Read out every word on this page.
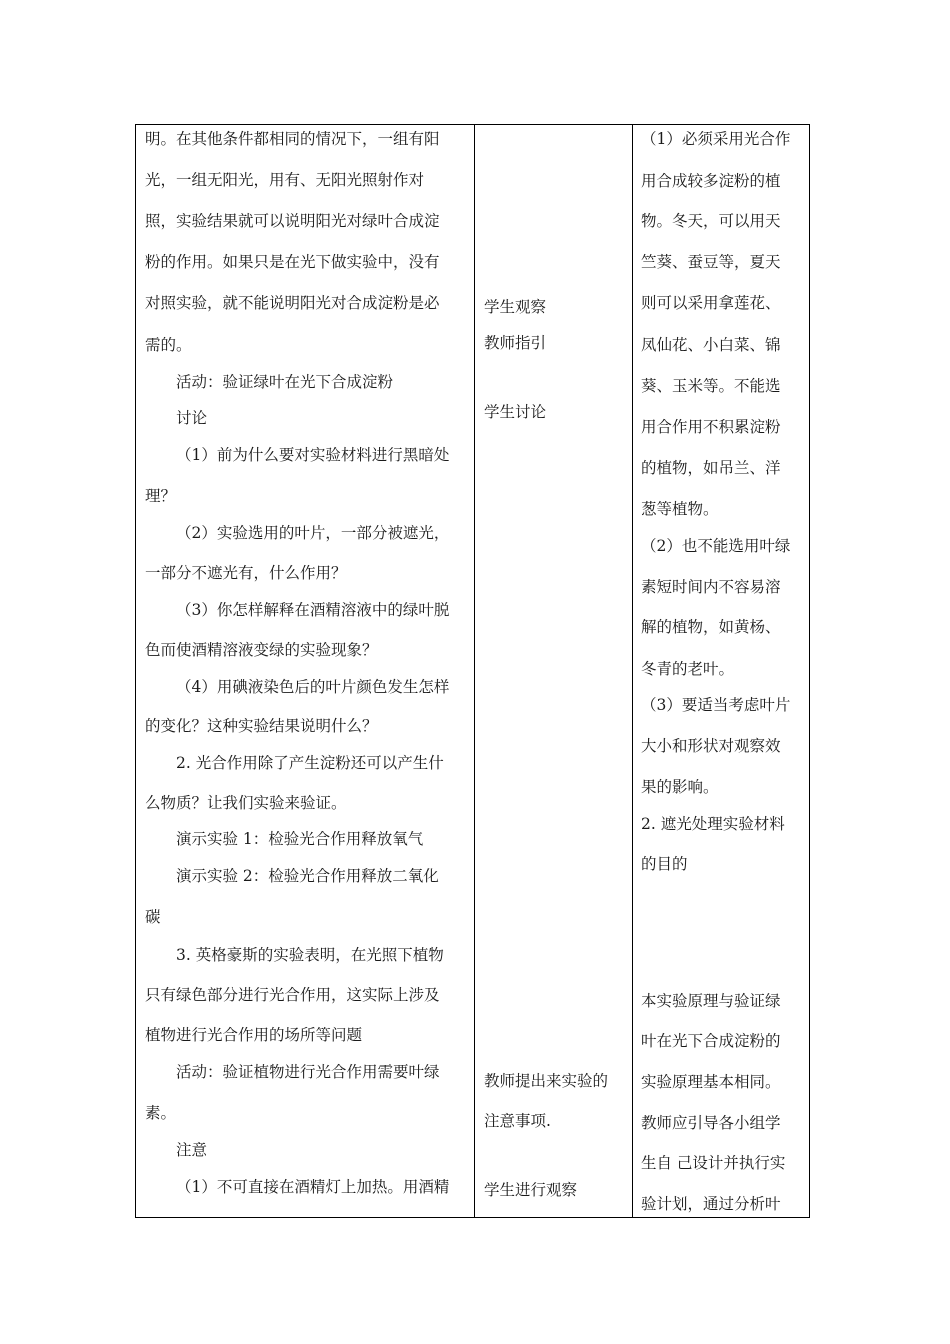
明。在其他条件都相同的情况下，一组有阳

光，一组无阳光，用有、无阳光照射作对

照，实验结果就可以说明阳光对绿叶合成淀

粉的作用。如果只是在光下做实验中，没有

对照实验，就不能说明阳光对合成淀粉是必

需的。

活动：验证绿叶在光下合成淀粉

讨论

（1）前为什么要对实验材料进行黑暗处

理？

（2）实验选用的叶片，一部分被遮光，

一部分不遮光有，什么作用？

（3）你怎样解释在酒精溶液中的绿叶脱

色而使酒精溶液变绿的实验现象？

（4）用碘液染色后的叶片颜色发生怎样

的变化？这种实验结果说明什么？

2. 光合作用除了产生淀粉还可以产生什

么物质？让我们实验来验证。

演示实验 1：检验光合作用释放氧气

演示实验 2：检验光合作用释放二氧化

碳

3. 英格豪斯的实验表明，在光照下植物

只有绿色部分进行光合作用，这实际上涉及

植物进行光合作用的场所等问题

活动：验证植物进行光合作用需要叶绿

素。

注意

（1）不可直接在酒精灯上加热。用酒精

学生观察

教师指引

学生讨论

教师提出来实验的

注意事项.

学生进行观察

（1）必须采用光合作

用合成较多淀粉的植

物。冬天，可以用天

竺葵、蚕豆等，夏天

则可以采用拿莲花、

凤仙花、小白菜、锦

葵、玉米等。不能选

用合作用不积累淀粉

的植物，如吊兰、洋

葱等植物。

（2）也不能选用叶绿

素短时间内不容易溶

解的植物，如黄杨、

冬青的老叶。

（3）要适当考虑叶片

大小和形状对观察效

果的影响。

2. 遮光处理实验材料

的目的

本实验原理与验证绿

叶在光下合成淀粉的

实验原理基本相同。

教师应引导各小组学

生自 己设计并执行实

验计划，通过分析叶
